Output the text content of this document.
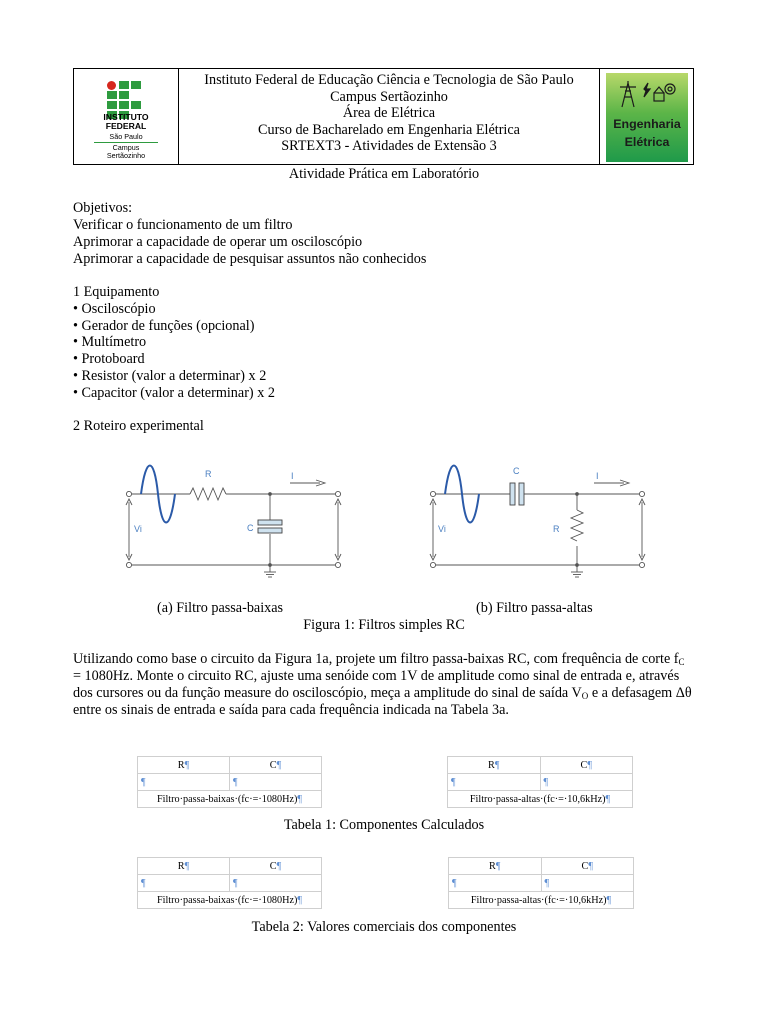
INSTITUTO
FEDERAL
São Paulo
Campus
Sertãozinho
Instituto Federal de Educação Ciência e Tecnologia de São Paulo
Campus Sertãozinho
Área de Elétrica
Curso de Bacharelado em Engenharia Elétrica
SRTEXT3 - Atividades de Extensão 3
Engenharia
Elétrica
Atividade Prática em Laboratório
Objetivos:
Verificar o funcionamento de um filtro
Aprimorar a capacidade de operar um osciloscópio
Aprimorar a capacidade de pesquisar assuntos não conhecidos
1 Equipamento
• Osciloscópio
• Gerador de funções (opcional)
• Multímetro
• Protoboard
• Resistor (valor a determinar) x 2
• Capacitor (valor a determinar) x 2
2 Roteiro experimental
R
C
I
Vi
C
R
I
Vi
(a) Filtro passa-baixas	(b) Filtro passa-altas
Figura 1: Filtros simples RC
Utilizando como base o circuito da Figura 1a, projete um filtro passa-baixas RC, com frequência de corte $f_C = 1080Hz$. Monte o circuito RC, ajuste uma senóide com 1V de amplitude como sinal de entrada e, através dos cursores ou da função measure do osciloscópio, meça a amplitude do sinal de saída $V_O$ e a defasagem Δθ entre os sinais de entrada e saída para cada frequência indicada na Tabela 3a.
R¶	C¶
¶	¶
Filtro·passa-baixas·(fc·=·1080Hz)¶	
R¶	C¶
¶	¶
Filtro·passa-altas·(fc·=·10,6kHz)¶	
Tabela 1: Componentes Calculados
R¶	C¶
¶	¶
Filtro·passa-baixas·(fc·=·1080Hz)¶	
R¶	C¶
¶	¶
Filtro·passa-altas·(fc·=·10,6kHz)¶	
Tabela 2: Valores comerciais dos componentes
